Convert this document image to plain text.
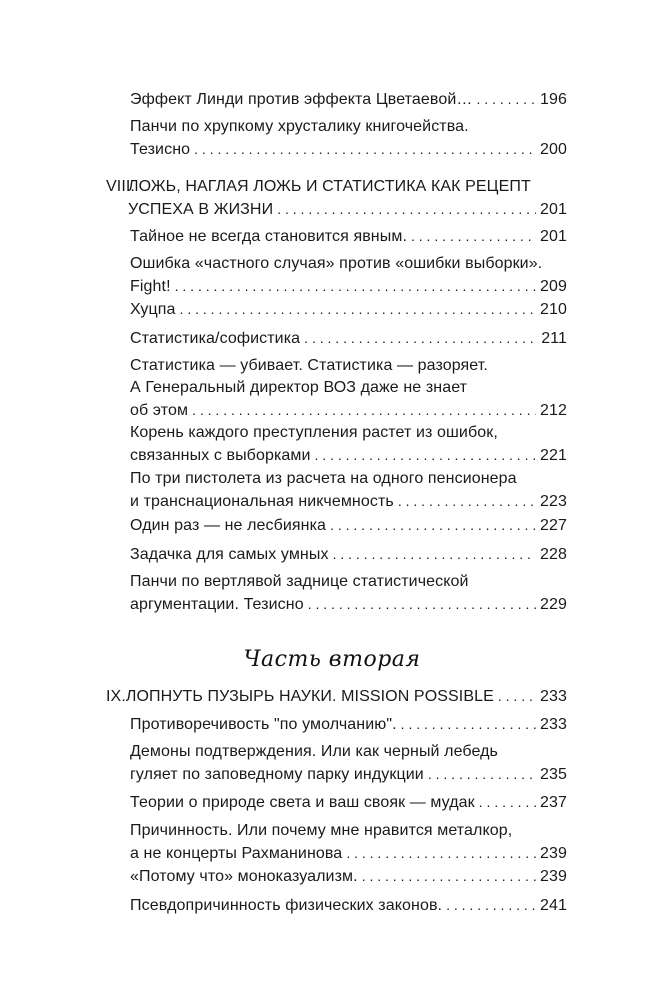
Эффект Линди против эффекта Цветаевой… . . .	196
Панчи по хрупкому хрусталику книгочейства.
Тезисно . . .	200
VIII.ЛОЖЬ, НАГЛАЯ ЛОЖЬ И СТАТИСТИКА КАК РЕЦЕПТ
УСПЕХА В ЖИЗНИ . . .	201
Тайное не всегда становится явным. . . .	201
Ошибка «частного случая» против «ошибки выборки».
Fight! . . .	209
Хуцпа . . .	210
Статистика/софистика . . .	211
Статистика — убивает. Статистика — разоряет.
А Генеральный директор ВОЗ даже не знает
об этом . . .	212
Корень каждого преступления растет из ошибок,
связанных с выборками . . .	221
По три пистолета из расчета на одного пенсионера
и транснациональная никчемность . . .	223
Один раз — не лесбиянка . . .	227
Задачка для самых умных . . .	228
Панчи по вертлявой заднице статистической
аргументации. Тезисно . . .	229
Часть вторая
IX. ЛОПНУТЬ ПУЗЫРЬ НАУКИ. MISSION POSSIBLE . . .	233
Противоречивость "по умолчанию". . . .	233
Демоны подтверждения. Или как черный лебедь
гуляет по заповедному парку индукции . . .	235
Теории о природе света и ваш свояк — мудак . . .	237
Причинность. Или почему мне нравится металкор,
а не концерты Рахманинова . . .	239
«Потому что» моноказуализм. . . .	239
Псевдопричинность физических законов. . . .	241
